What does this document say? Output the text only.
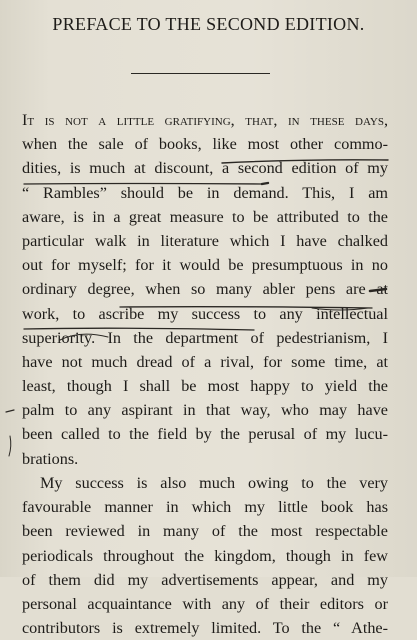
PREFACE TO THE SECOND EDITION.
It is not a little gratifying, that, in these days,
when the sale of books, like most other commo-
dities, is much at discount, a second edition of my
“ Rambles” should be in demand. This, I am
aware, is in a great measure to be attributed to the
particular walk in literature which I have chalked
out for myself; for it would be presumptuous in no
ordinary degree, when so many abler pens are at
work, to ascribe my success to any intellectual
superiority. In the department of pedestrianism, I
have not much dread of a rival, for some time, at
least, though I shall be most happy to yield the
palm to any aspirant in that way, who may have
been called to the field by the perusal of my lucu-
brations.
My success is also much owing to the very
favourable manner in which my little book has
been reviewed in many of the most respectable
periodicals throughout the kingdom, though in few
of them did my advertisements appear, and my
personal acquaintance with any of their editors or
contributors is extremely limited. To the “ Athe-
